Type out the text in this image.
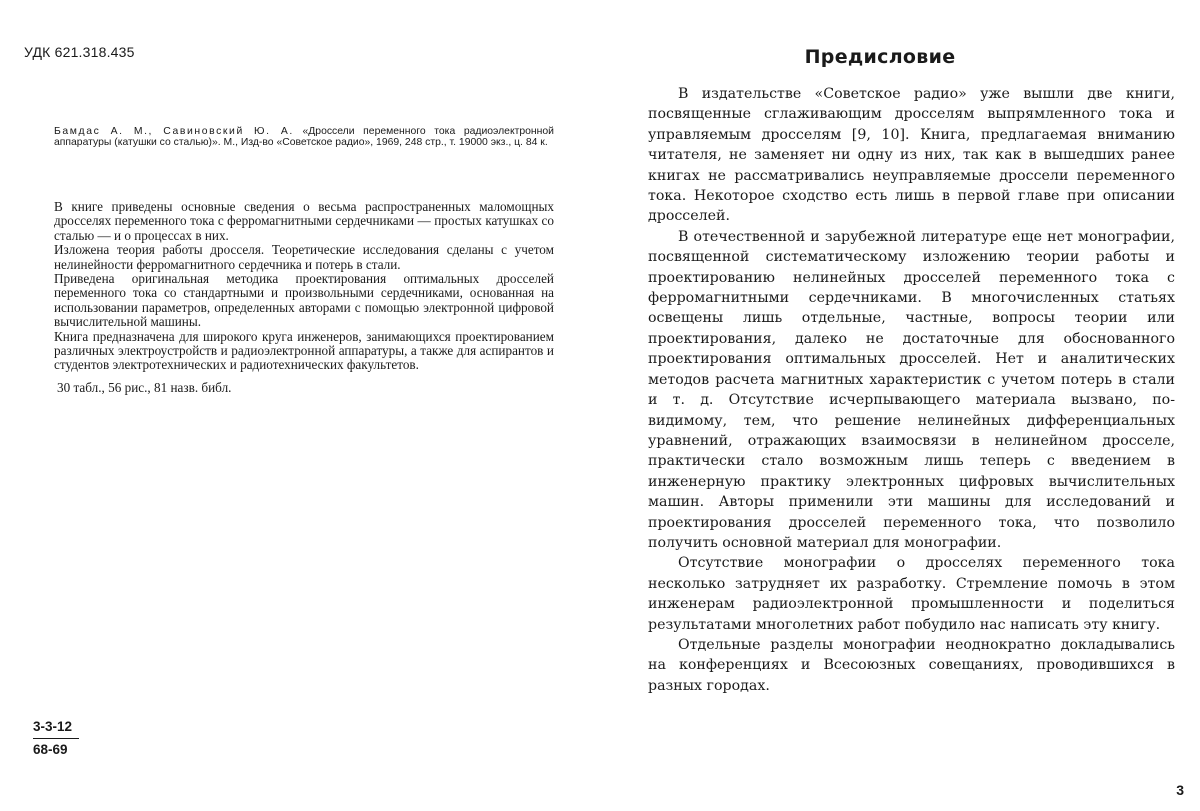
УДК 621.318.435
Бамдас А. М., Савиновский Ю. А. «Дроссели переменного тока радиоэлектронной аппаратуры (катушки со сталью)». М., Изд-во «Советское радио», 1969, 248 стр., т. 19000 экз., ц. 84 к.

В книге приведены основные сведения о весьма распространенных маломощных дросселях переменного тока с ферромагнитными сердечниками — простых катушках со сталью — и о процессах в них.

Изложена теория работы дросселя. Теоретические исследования сделаны с учетом нелинейности ферромагнитного сердечника и потерь в стали.

Приведена оригинальная методика проектирования оптимальных дросселей переменного тока со стандартными и произвольными сердечниками, основанная на использовании параметров, определенных авторами с помощью электронной цифровой вычислительной машины.

Книга предназначена для широкого круга инженеров, занимающихся проектированием различных электроустройств и радиоэлектронной аппаратуры, а также для аспирантов и студентов электротехнических и радиотехнических факультетов.

30 табл., 56 рис., 81 назв. библ.

3-3-12
68-69
Предисловие

В издательстве «Советское радио» уже вышли две книги, посвященные сглаживающим дросселям выпрямленного тока и управляемым дросселям [9, 10]. Книга, предлагаемая вниманию читателя, не заменяет ни одну из них, так как в вышедших ранее книгах не рассматривались неуправляемые дроссели переменного тока. Некоторое сходство есть лишь в первой главе при описании дросселей.

В отечественной и зарубежной литературе еще нет монографии, посвященной систематическому изложению теории работы и проектированию нелинейных дросселей переменного тока с ферромагнитными сердечниками. В многочисленных статьях освещены лишь отдельные, частные, вопросы теории или проектирования, далеко не достаточные для обоснованного проектирования оптимальных дросселей. Нет и аналитических методов расчета магнитных характеристик с учетом потерь в стали и т. д. Отсутствие исчерпывающего материала вызвано, по-видимому, тем, что решение нелинейных дифференциальных уравнений, отражающих взаимосвязи в нелинейном дросселе, практически стало возможным лишь теперь с введением в инженерную практику электронных цифровых вычислительных машин. Авторы применили эти машины для исследований и проектирования дросселей переменного тока, что позволило получить основной материал для монографии.

Отсутствие монографии о дросселях переменного тока несколько затрудняет их разработку. Стремление помочь в этом инженерам радиоэлектронной промышленности и поделиться результатами многолетних работ побудило нас написать эту книгу.

Отдельные разделы монографии неоднократно докладывались на конференциях и Всесоюзных совещаниях, проводившихся в разных городах.

3
